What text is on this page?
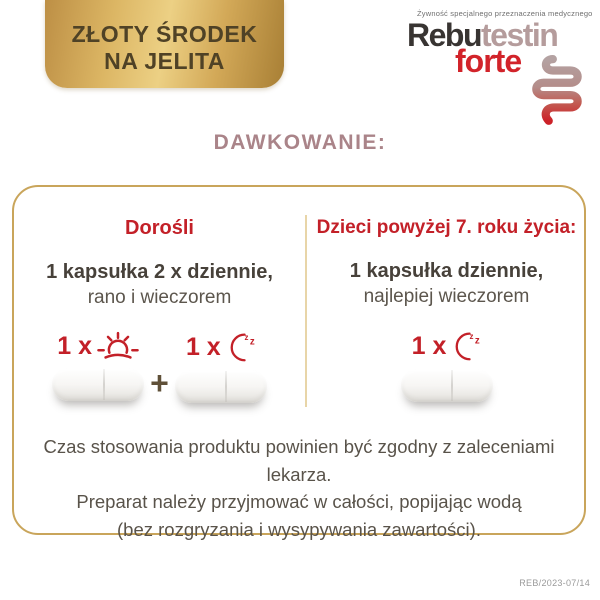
ZŁOTY ŚRODEK
NA JELITA
Żywność specjalnego przeznaczenia medycznego
Rebutestin
forte
DAWKOWANIE:
Dorośli
1 kapsułka 2 x dziennie,
rano i wieczorem
1 x
+
1 x	z z
Dzieci powyżej 7. roku życia:
1 kapsułka dziennie,
najlepiej wieczorem
1 x	z z
Czas stosowania produktu powinien być zgodny z zaleceniami lekarza.
Preparat należy przyjmować w całości, popijając wodą
(bez rozgryzania i wysypywania zawartości).
REB/2023-07/14
